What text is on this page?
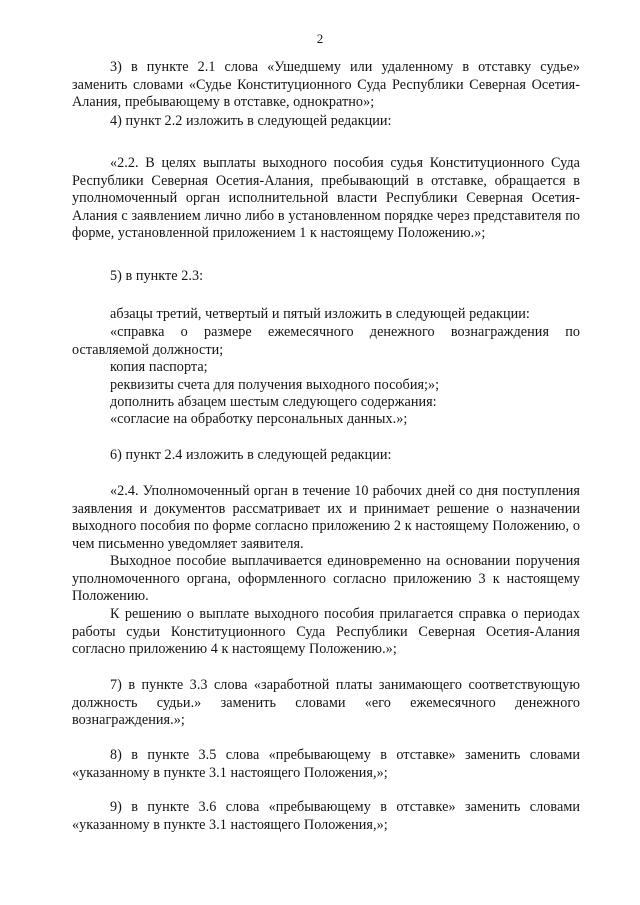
2

3) в пункте 2.1 слова «Ушедшему или удаленному в отставку судье» заменить словами «Судье Конституционного Суда Республики Северная Осетия-Алания, пребывающему в отставке, однократно»;

4) пункт 2.2 изложить в следующей редакции:

«2.2. В целях выплаты выходного пособия судья Конституционного Суда Республики Северная Осетия-Алания, пребывающий в отставке, обращается в уполномоченный орган исполнительной власти Республики Северная Осетия-Алания с заявлением лично либо в установленном порядке через представителя по форме, установленной приложением 1 к настоящему Положению.»;

5) в пункте 2.3:

абзацы третий, четвертый и пятый изложить в следующей редакции:

«справка о размере ежемесячного денежного вознаграждения по оставляемой должности;

копия паспорта;

реквизиты счета для получения выходного пособия;»;

дополнить абзацем шестым следующего содержания:

«согласие на обработку персональных данных.»;

6) пункт 2.4 изложить в следующей редакции:

«2.4. Уполномоченный орган в течение 10 рабочих дней со дня поступления заявления и документов рассматривает их и принимает решение о назначении выходного пособия по форме согласно приложению 2 к настоящему Положению, о чем письменно уведомляет заявителя.

Выходное пособие выплачивается единовременно на основании поручения уполномоченного органа, оформленного согласно приложению 3 к настоящему Положению.

К решению о выплате выходного пособия прилагается справка о периодах работы судьи Конституционного Суда Республики Северная Осетия-Алания согласно приложению 4 к настоящему Положению.»;

7) в пункте 3.3 слова «заработной платы занимающего соответствующую должность судьи.» заменить словами «его ежемесячного денежного вознаграждения.»;

8) в пункте 3.5 слова «пребывающему в отставке» заменить словами «указанному в пункте 3.1 настоящего Положения,»;

9) в пункте 3.6 слова «пребывающему в отставке» заменить словами «указанному в пункте 3.1 настоящего Положения,»;
